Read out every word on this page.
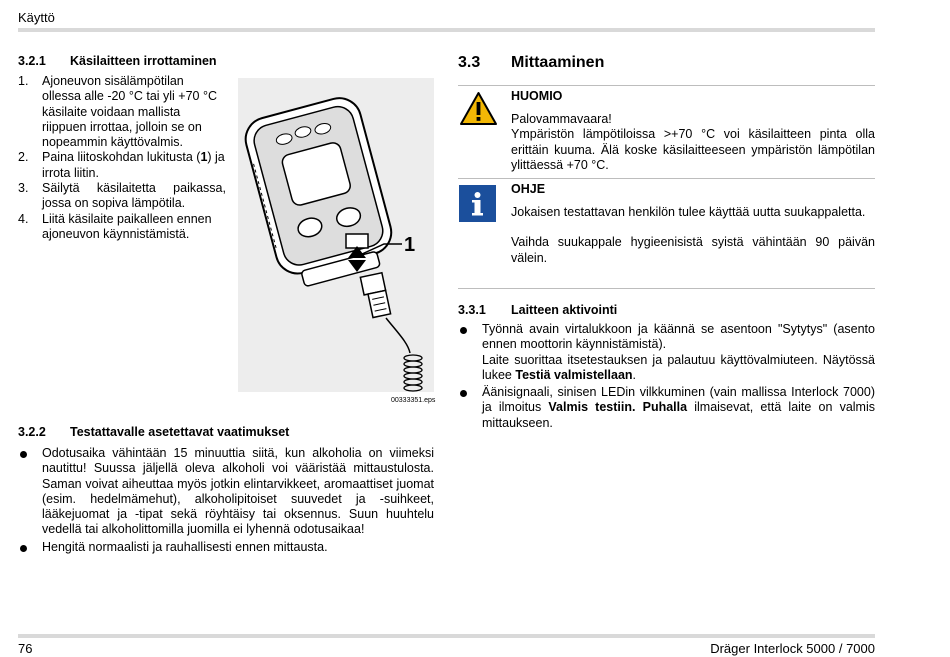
Käyttö
3.2.1 Käsilaitteen irrottaminen
1. Ajoneuvon sisälämpötilan ollessa alle -20 °C tai yli +70 °C käsilaite voidaan mallista riippuen irrottaa, jolloin se on nopeammin käyttövalmis.
2. Paina liitoskohdan lukitusta (1) ja irrota liitin.
3. Säilytä käsilaitetta paikassa, jossa on sopiva lämpötila.
4. Liitä käsilaite paikalleen ennen ajoneuvon käynnistämistä.
1
00333351.eps
3.2.2 Testattavalle asetettavat vaatimukset
Odotusaika vähintään 15 minuuttia siitä, kun alkoholia on viimeksi nautittu! Suussa jäljellä oleva alkoholi voi vääristää mittaustulosta. Saman voivat aiheuttaa myös jotkin elintarvikkeet, aromaattiset juomat (esim. hedelmämehut), alkoholipitoiset suuvedet ja -suihkeet, lääkejuomat ja -tipat sekä röyhtäisy tai oksennus. Suun huuhtelu vedellä tai alkoholittomilla juomilla ei lyhennä odotusaikaa!
Hengitä normaalisti ja rauhallisesti ennen mittausta.
3.3 Mittaaminen
HUOMIO

Palovammavaara!

Ympäristön lämpötiloissa >+70 °C voi käsilaitteen pinta olla erittäin kuuma. Älä koske käsilaitteeseen ympäristön lämpötilan ylittäessä +70 °C.

OHJE

Jokaisen testattavan henkilön tulee käyttää uutta suukappaletta.

Vaihda suukappale hygieenisistä syistä vähintään 90 päivän välein.

3.3.1 Laitteen aktivointi

Työnnä avain virtalukkoon ja käännä se asentoon "Sytytys" (asento ennen moottorin käynnistämistä).

Laite suorittaa itsetestauksen ja palautuu käyttövalmiuteen. Näytössä lukee Testiä valmistellaan.

Äänisignaali, sinisen LEDin vilkkuminen (vain mallissa Interlock 7000) ja ilmoitus Valmis testiin. Puhalla ilmaisevat, että laite on valmis mittaukseen.

76	Dräger Interlock 5000 / 7000
